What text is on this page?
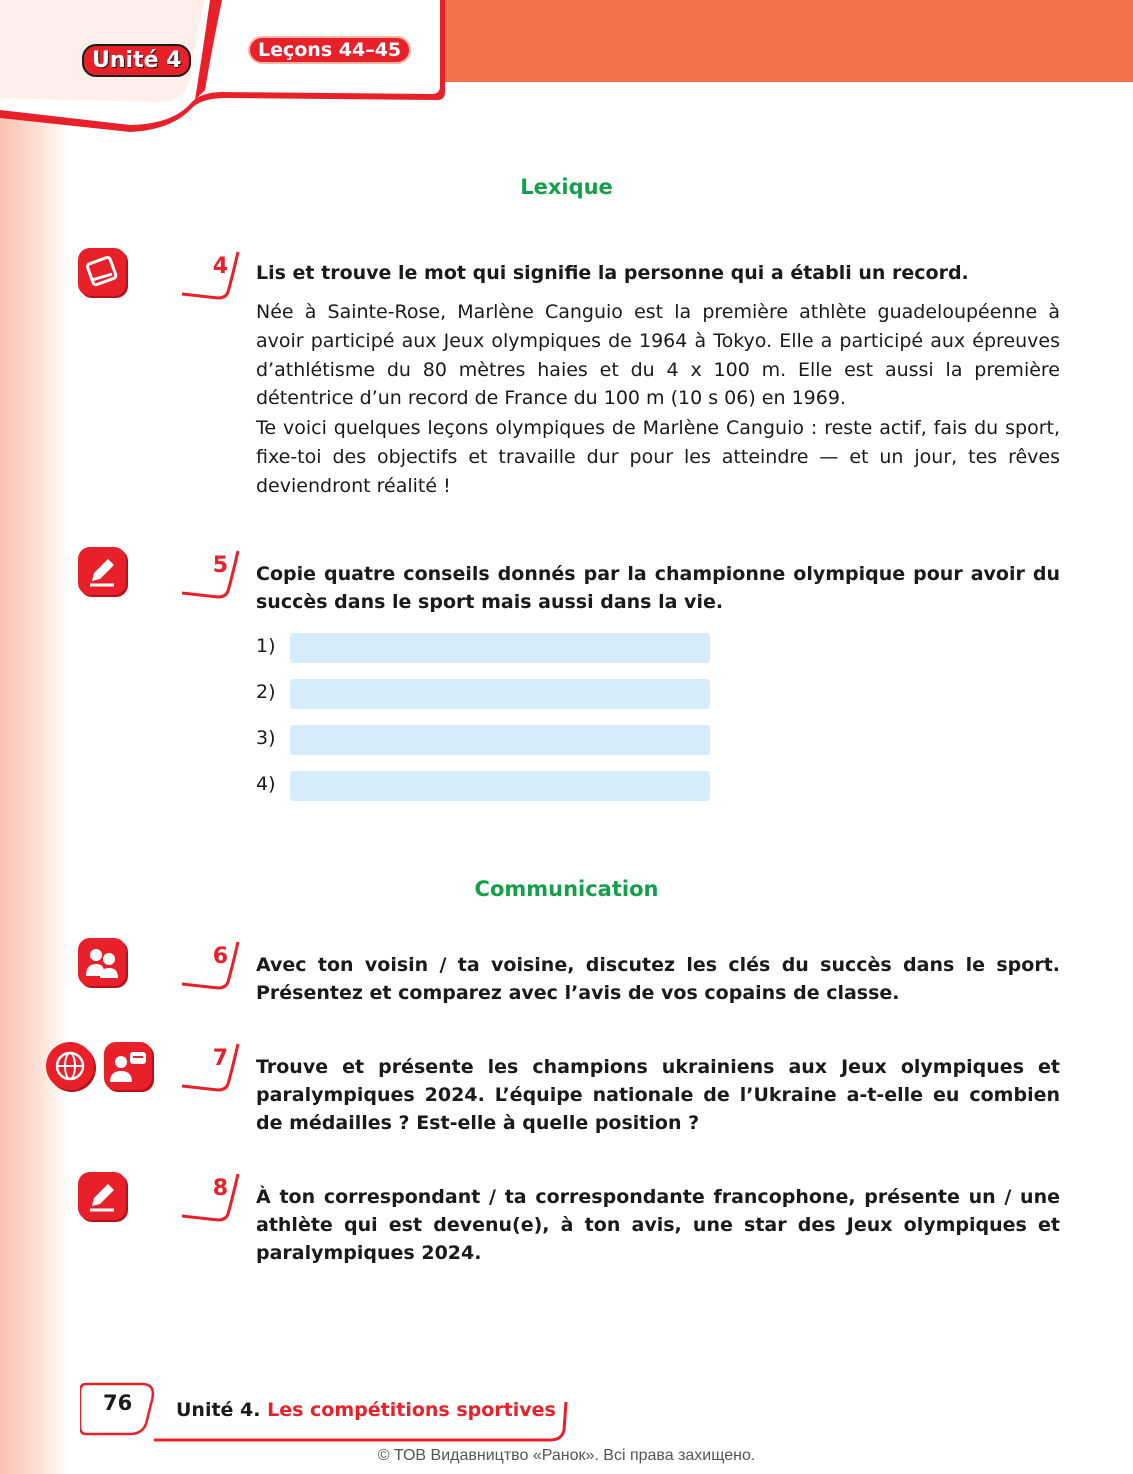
Unité 4	Leçons 44–45
Lexique
4 Lis et trouve le mot qui signifie la personne qui a établi un record.
Née à Sainte-Rose, Marlène Canguio est la première athlète guadeloupéenne à avoir participé aux Jeux olympiques de 1964 à Tokyo. Elle a participé aux épreuves d’athlétisme du 80 mètres haies et du 4 x 100 m. Elle est aussi la première détentrice d’un record de France du 100 m (10 s 06) en 1969.
Te voici quelques leçons olympiques de Marlène Canguio : reste actif, fais du sport, fixe-toi des objectifs et travaille dur pour les atteindre — et un jour, tes rêves deviendront réalité !
5 Copie quatre conseils donnés par la championne olympique pour avoir du succès dans le sport mais aussi dans la vie.
1)
2)
3)
4)
Communication
6 Avec ton voisin / ta voisine, discutez les clés du succès dans le sport. Présentez et comparez avec l’avis de vos copains de classe.
7 Trouve et présente les champions ukrainiens aux Jeux olympiques et paralympiques 2024. L’équipe nationale de l’Ukraine a-t-elle eu combien de médailles ? Est-elle à quelle position ?
8 À ton correspondant / ta correspondante francophone, présente un / une athlète qui est devenu(e), à ton avis, une star des Jeux olympiques et paralympiques 2024.
76 Unité 4. Les compétitions sportives
© ТОВ Видавництво «Ранок». Всі права захищено.
